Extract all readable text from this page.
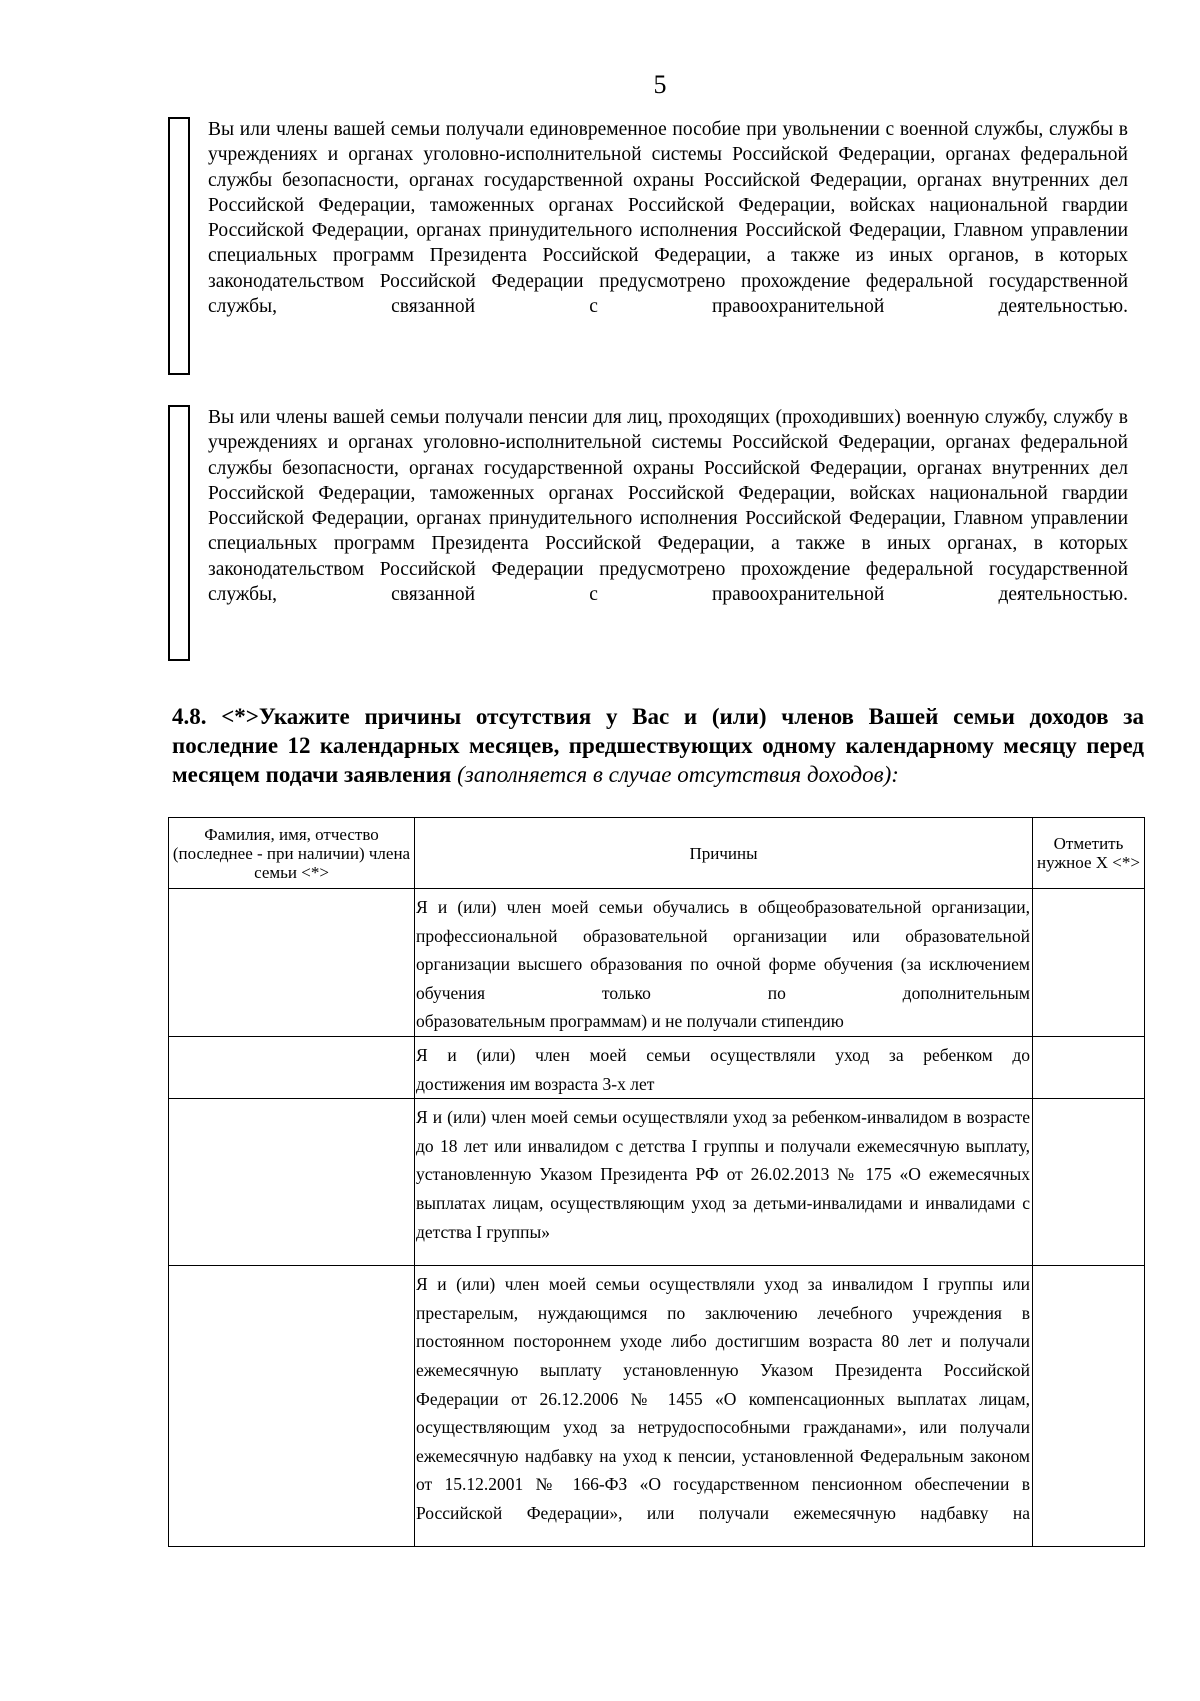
5
Вы или члены вашей семьи получали единовременное пособие при увольнении с военной службы, службы в учреждениях и органах уголовно-исполнительной системы Российской Федерации, органах федеральной службы безопасности, органах государственной охраны Российской Федерации, органах внутренних дел Российской Федерации, таможенных органах Российской Федерации, войсках национальной гвардии Российской Федерации, органах принудительного исполнения Российской Федерации, Главном управлении специальных программ Президента Российской Федерации, а также из иных органов, в которых законодательством Российской Федерации предусмотрено прохождение федеральной государственной службы, связанной с правоохранительной деятельностью.
Вы или члены вашей семьи получали пенсии для лиц, проходящих (проходивших) военную службу, службу в учреждениях и органах уголовно-исполнительной системы Российской Федерации, органах федеральной службы безопасности, органах государственной охраны Российской Федерации, органах внутренних дел Российской Федерации, таможенных органах Российской Федерации, войсках национальной гвардии Российской Федерации, органах принудительного исполнения Российской Федерации, Главном управлении специальных программ Президента Российской Федерации, а также в иных органах, в которых законодательством Российской Федерации предусмотрено прохождение федеральной государственной службы, связанной с правоохранительной деятельностью.
4.8. <*>Укажите причины отсутствия у Вас и (или) членов Вашей семьи доходов за последние 12 календарных месяцев, предшествующих одному календарному месяцу перед месяцем подачи заявления (заполняется в случае отсутствия доходов):
Фамилия, имя, отчество (последнее - при наличии) члена семьи <*>	Причины	Отметить нужное Х <*>
	Я и (или) член моей семьи обучались в общеобразовательной организации, профессиональной образовательной организации или образовательной организации высшего образования по очной форме обучения (за исключением обучения только по дополнительным
образовательным программам) и не получали стипендию	

	Я и (или) член моей семьи осуществляли уход за ребенком до
достижения им возраста 3-х лет	

	Я и (или) член моей семьи осуществляли уход за ребенком-инвалидом в возрасте до 18 лет или инвалидом с детства I группы и получали ежемесячную выплату, установленную Указом Президента РФ от 26.02.2013 № 175 «О ежемесячных выплатах лицам, осуществляющим уход за детьми-инвалидами и инвалидами с
детства I группы»	

	Я и (или) член моей семьи осуществляли уход за инвалидом I группы или престарелым, нуждающимся по заключению лечебного учреждения в постоянном постороннем уходе либо достигшим возраста 80 лет и получали ежемесячную выплату установленную Указом Президента Российской Федерации от 26.12.2006 № 1455 «О компенсационных выплатах лицам, осуществляющим уход за нетрудоспособными гражданами», или получали ежемесячную надбавку на уход к пенсии, установленной Федеральным законом от 15.12.2001 № 166-ФЗ «О государственном пенсионном обеспечении в Российской Федерации», или получали ежемесячную надбавку на
